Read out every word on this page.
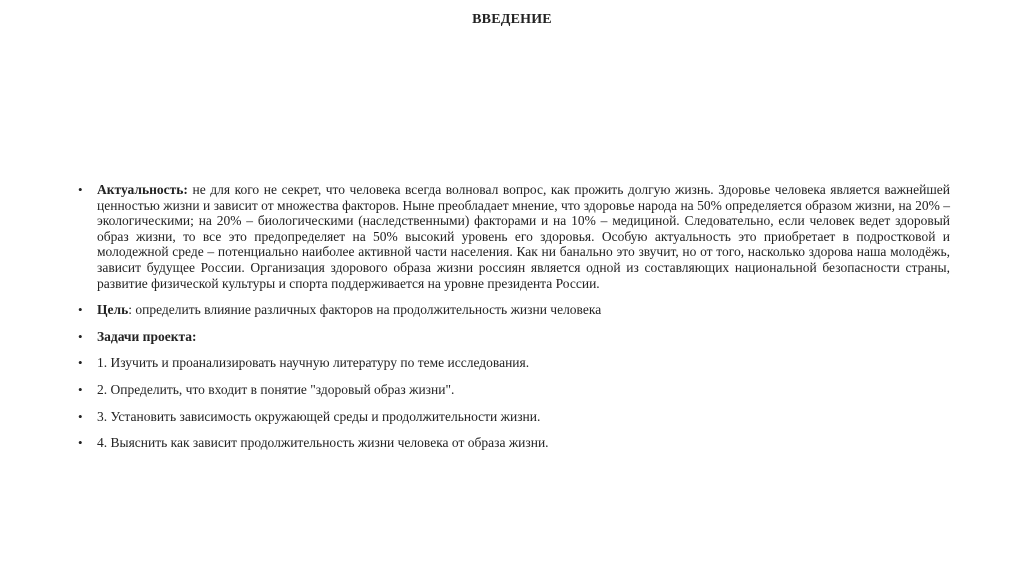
ВВЕДЕНИЕ
• Актуальность: не для кого не секрет, что человека всегда волновал вопрос, как прожить долгую жизнь. Здоровье человека является важнейшей ценностью жизни и зависит от множества факторов. Ныне преобладает мнение, что здоровье народа на 50% определяется образом жизни, на 20% – экологическими; на 20% – биологическими (наследственными) факторами и на 10% – медициной. Следовательно, если человек ведет здоровый образ жизни, то все это предопределяет на 50% высокий уровень его здоровья. Особую актуальность это приобретает в подростковой и молодежной среде – потенциально наиболее активной части населения. Как ни банально это звучит, но от того, насколько здорова наша молодёжь, зависит будущее России. Организация здорового образа жизни россиян является одной из составляющих национальной безопасности страны, развитие физической культуры и спорта поддерживается на уровне президента России.
• Цель: определить влияние различных факторов на продолжительность жизни человека
• Задачи проекта:
• 1. Изучить и проанализировать научную литературу по теме исследования.
• 2. Определить, что входит в понятие "здоровый образ жизни".
• 3. Установить зависимость окружающей среды и продолжительности жизни.
• 4. Выяснить как зависит продолжительность жизни человека от образа жизни.
